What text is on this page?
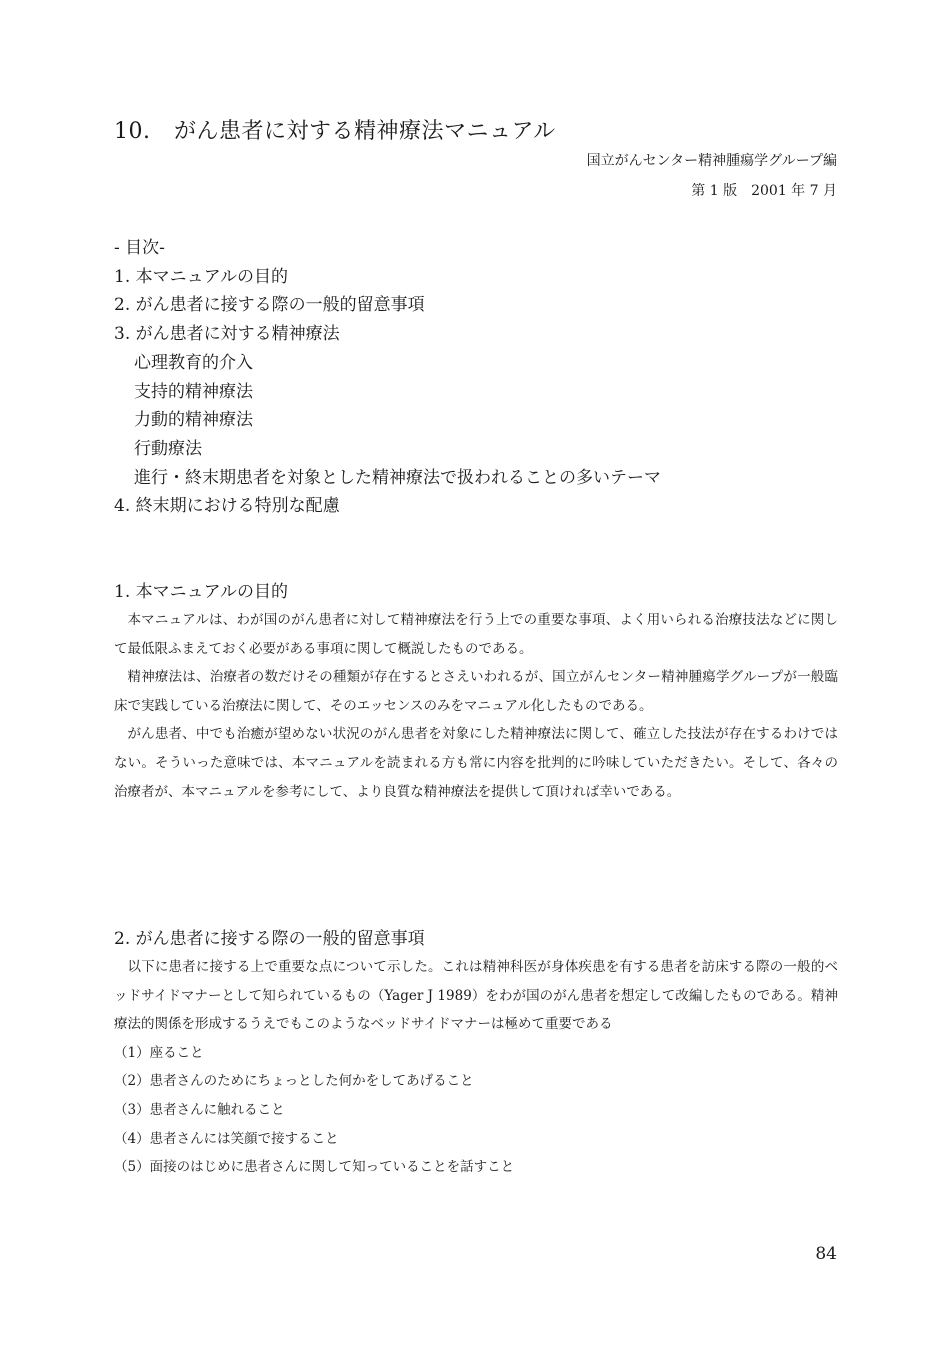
10. がん患者に対する精神療法マニュアル
国立がんセンター精神腫瘍学グループ編
第 1 版　2001 年 7 月
- 目次-
1. 本マニュアルの目的
2. がん患者に接する際の一般的留意事項
3. がん患者に対する精神療法
心理教育的介入
支持的精神療法
力動的精神療法
行動療法
進行・終末期患者を対象とした精神療法で扱われることの多いテーマ
4. 終末期における特別な配慮
1. 本マニュアルの目的

本マニュアルは、わが国のがん患者に対して精神療法を行う上での重要な事項、よく用いられる治療技法などに関して最低限ふまえておく必要がある事項に関して概説したものである。

精神療法は、治療者の数だけその種類が存在するとさえいわれるが、国立がんセンター精神腫瘍学グループが一般臨床で実践している治療法に関して、そのエッセンスのみをマニュアル化したものである。

がん患者、中でも治癒が望めない状況のがん患者を対象にした精神療法に関して、確立した技法が存在するわけではない。そういった意味では、本マニュアルを読まれる方も常に内容を批判的に吟味していただきたい。そして、各々の治療者が、本マニュアルを参考にして、より良質な精神療法を提供して頂ければ幸いである。

2. がん患者に接する際の一般的留意事項

以下に患者に接する上で重要な点について示した。これは精神科医が身体疾患を有する患者を訪床する際の一般的ベッドサイドマナーとして知られているもの（Yager J 1989）をわが国のがん患者を想定して改編したものである。精神療法的関係を形成するうえでもこのようなベッドサイドマナーは極めて重要である

（1）座ること
（2）患者さんのためにちょっとした何かをしてあげること
（3）患者さんに触れること
（4）患者さんには笑顔で接すること
（5）面接のはじめに患者さんに関して知っていることを話すこと
84
